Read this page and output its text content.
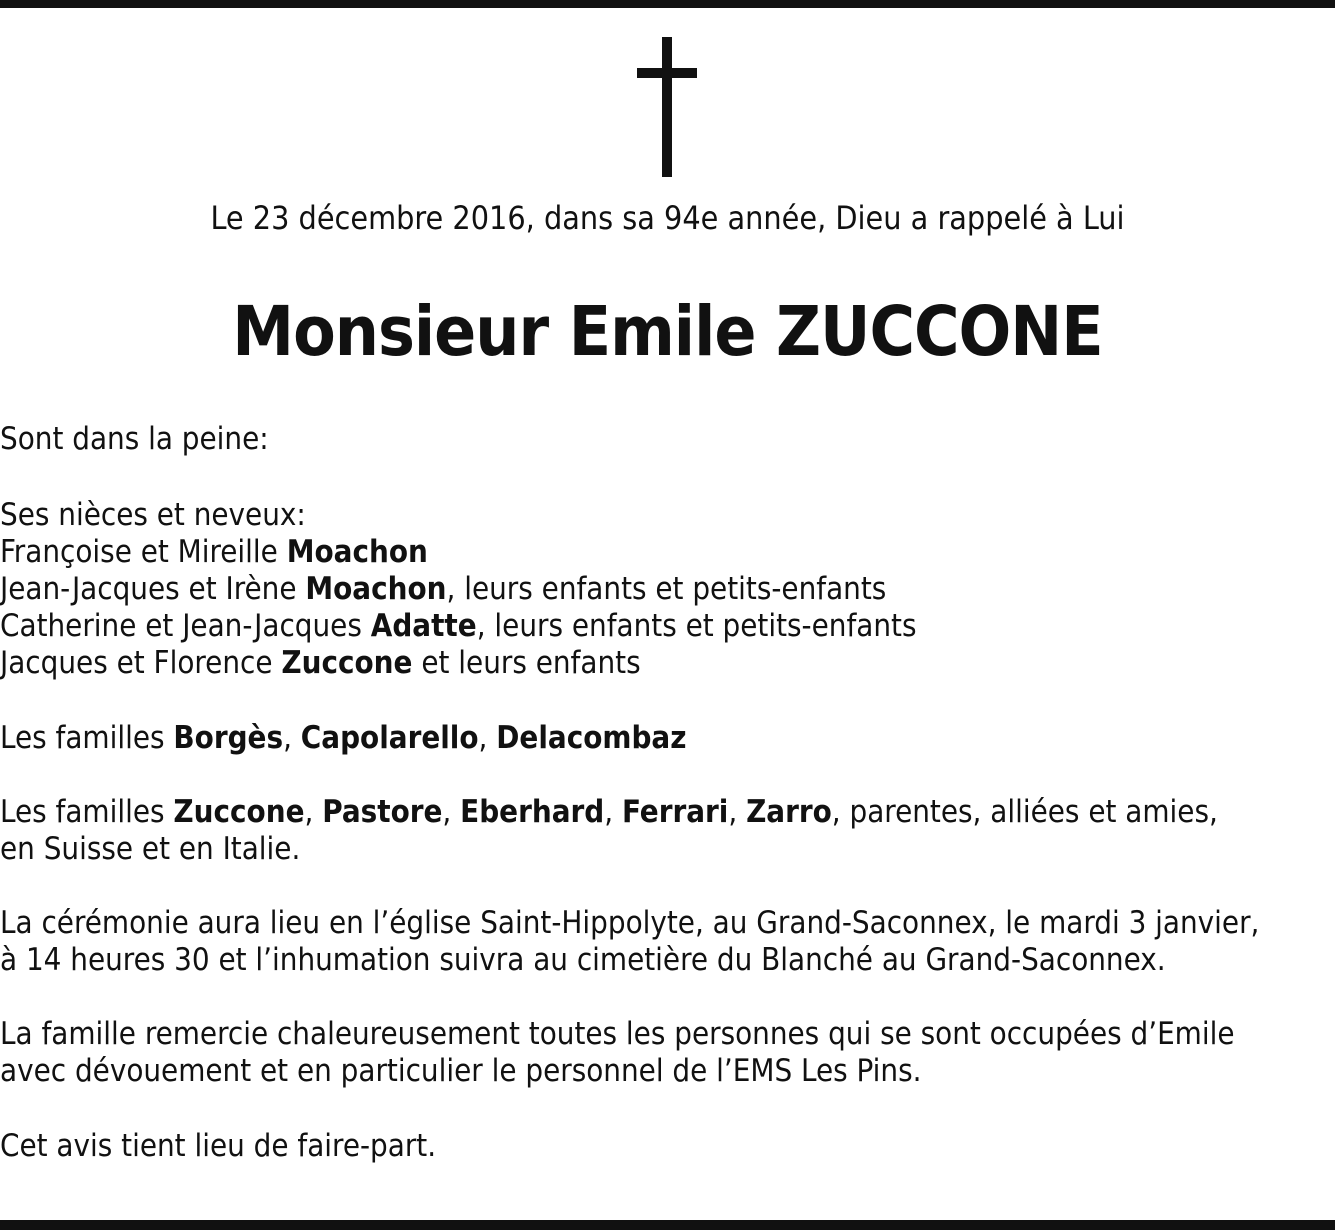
Le 23 décembre 2016, dans sa 94e année, Dieu a rappelé à Lui
Monsieur Emile ZUCCONE
Sont dans la peine:
Ses nièces et neveux:
Françoise et Mireille Moachon
Jean-Jacques et Irène Moachon, leurs enfants et petits-enfants
Catherine et Jean-Jacques Adatte, leurs enfants et petits-enfants
Jacques et Florence Zuccone et leurs enfants
Les familles Borgès, Capolarello, Delacombaz
Les familles Zuccone, Pastore, Eberhard, Ferrari, Zarro, parentes, alliées et amies,
en Suisse et en Italie.
La cérémonie aura lieu en l’église Saint-Hippolyte, au Grand-Saconnex, le mardi 3 janvier,
à 14 heures 30 et l’inhumation suivra au cimetière du Blanché au Grand-Saconnex.
La famille remercie chaleureusement toutes les personnes qui se sont occupées d’Emile
avec dévouement et en particulier le personnel de l’EMS Les Pins.
Cet avis tient lieu de faire-part.
